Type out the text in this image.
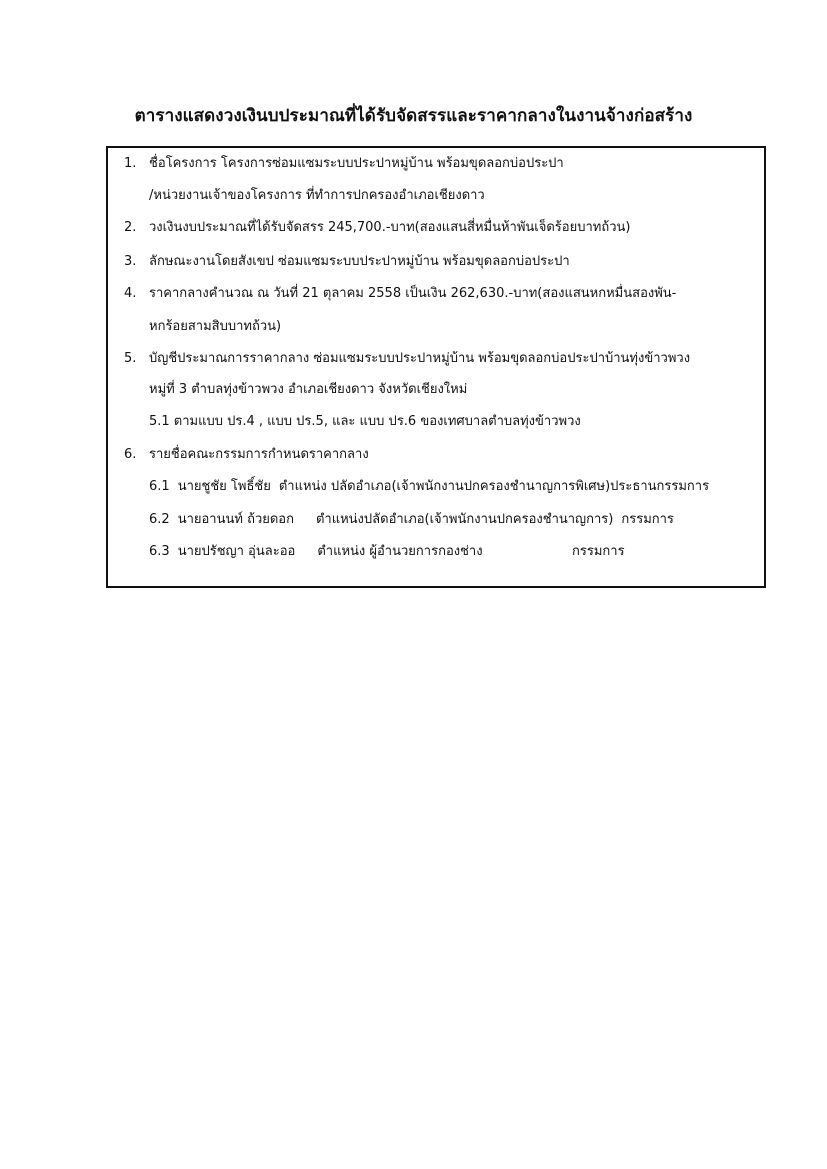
ตารางแสดงวงเงินบประมาณที่ได้รับจัดสรรและราคากลางในงานจ้างก่อสร้าง
1. ชื่อโครงการ โครงการซ่อมแซมระบบประปาหมู่บ้าน พร้อมขุดลอกบ่อประปา
/หน่วยงานเจ้าของโครงการ ที่ทำการปกครองอำเภอเชียงดาว
2. วงเงินงบประมาณที่ได้รับจัดสรร 245,700.-บาท(สองแสนสี่หมื่นห้าพันเจ็ดร้อยบาทถ้วน)
3. ลักษณะงานโดยสังเขป ซ่อมแซมระบบประปาหมู่บ้าน พร้อมขุดลอกบ่อประปา
4. ราคากลางคำนวณ ณ วันที่ 21 ตุลาคม 2558 เป็นเงิน 262,630.-บาท(สองแสนหกหมื่นสองพัน-
หกร้อยสามสิบบาทถ้วน)
5. บัญชีประมาณการราคากลาง ซ่อมแซมระบบประปาหมู่บ้าน พร้อมขุดลอกบ่อประปาบ้านทุ่งข้าวพวง
หมู่ที่ 3 ตำบลทุ่งข้าวพวง อำเภอเชียงดาว จังหวัดเชียงใหม่
5.1 ตามแบบ ปร.4 , แบบ ปร.5, และ แบบ ปร.6 ของเทศบาลตำบลทุ่งข้าวพวง
6. รายชื่อคณะกรรมการกำหนดราคากลาง
6.1 นายชูชัย โพธิ์ชัย ตำแหน่ง ปลัดอำเภอ(เจ้าพนักงานปกครองชำนาญการพิเศษ)ประธานกรรมการ
6.2 นายอานนท์ ถ้วยดอก ตำแหน่งปลัดอำเภอ(เจ้าพนักงานปกครองชำนาญการ) กรรมการ
6.3 นายปรัชญา อุ่นละออ ตำแหน่ง ผู้อำนวยการกองช่าง	กรรมการ
